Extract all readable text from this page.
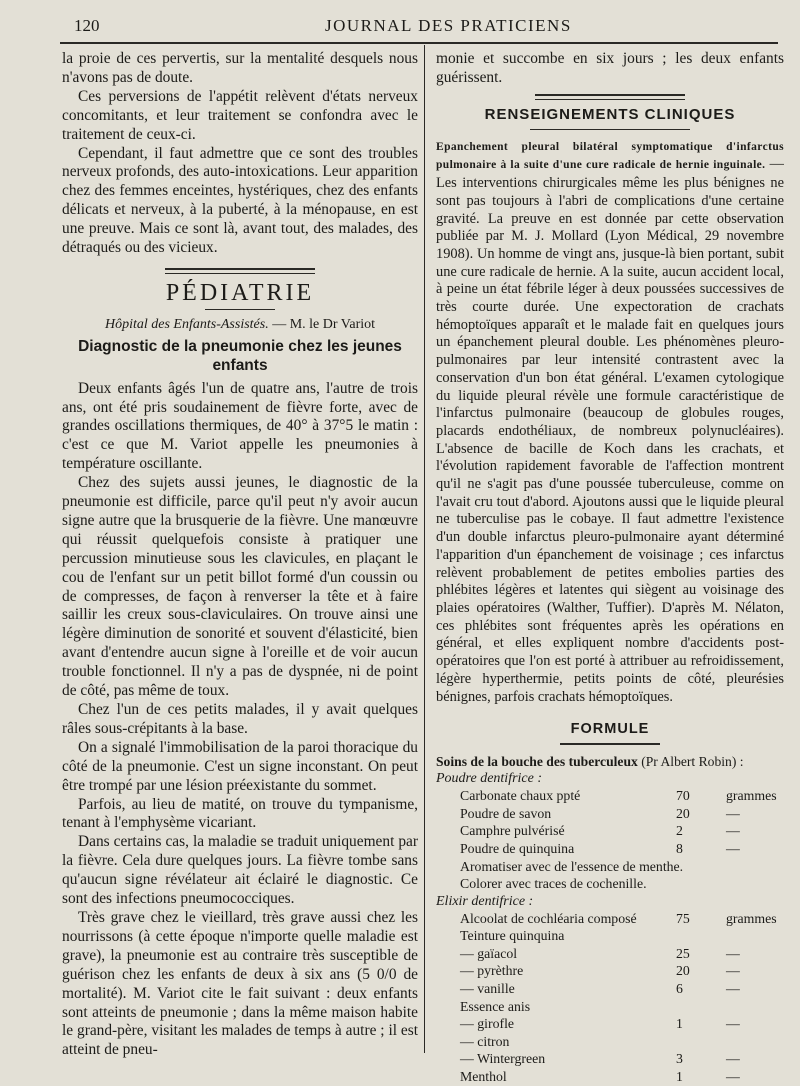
120	JOURNAL DES PRATICIENS

la proie de ces pervertis, sur la mentalité desquels nous n'avons pas de doute.

Ces perversions de l'appétit relèvent d'états nerveux concomitants, et leur traitement se confondra avec le traitement de ceux-ci.

Cependant, il faut admettre que ce sont des troubles nerveux profonds, des auto-intoxications. Leur apparition chez des femmes enceintes, hystériques, chez des enfants délicats et nerveux, à la puberté, à la ménopause, en est une preuve. Mais ce sont là, avant tout, des malades, des détraqués ou des vicieux.

PÉDIATRIE
Hôpital des Enfants-Assistés. — M. le Dr Variot
Diagnostic de la pneumonie chez les jeunes enfants

Deux enfants âgés l'un de quatre ans, l'autre de trois ans, ont été pris soudainement de fièvre forte, avec de grandes oscillations thermiques, de 40° à 37°5 le matin : c'est ce que M. Variot appelle les pneumonies à température oscillante.

Chez des sujets aussi jeunes, le diagnostic de la pneumonie est difficile, parce qu'il peut n'y avoir aucun signe autre que la brusquerie de la fièvre. Une manœuvre qui réussit quelquefois consiste à pratiquer une percussion minutieuse sous les clavicules, en plaçant le cou de l'enfant sur un petit billot formé d'un coussin ou de compresses, de façon à renverser la tête et à faire saillir les creux sous-claviculaires. On trouve ainsi une légère diminution de sonorité et souvent d'élasticité, bien avant d'entendre aucun signe à l'oreille et de voir aucun trouble fonctionnel. Il n'y a pas de dyspnée, ni de point de côté, pas même de toux.

Chez l'un de ces petits malades, il y avait quelques râles sous-crépitants à la base.

On a signalé l'immobilisation de la paroi thoracique du côté de la pneumonie. C'est un signe inconstant. On peut être trompé par une lésion préexistante du sommet.

Parfois, au lieu de matité, on trouve du tympanisme, tenant à l'emphysème vicariant.

Dans certains cas, la maladie se traduit uniquement par la fièvre. Cela dure quelques jours. La fièvre tombe sans qu'aucun signe révélateur ait éclairé le diagnostic. Ce sont des infections pneumococciques.

Très grave chez le vieillard, très grave aussi chez les nourrissons (à cette époque n'importe quelle maladie est grave), la pneumonie est au contraire très susceptible de guérison chez les enfants de deux à six ans (5 0/0 de mortalité). M. Variot cite le fait suivant : deux enfants sont atteints de pneumonie ; dans la même maison habite le grand-père, visitant les malades de temps à autre ; il est atteint de pneu-

monie et succombe en six jours ; les deux enfants guérissent.

RENSEIGNEMENTS CLINIQUES
Epanchement pleural bilatéral symptomatique d'infarctus pulmonaire à la suite d'une cure radicale de hernie inguinale. — Les interventions chirurgicales même les plus bénignes ne sont pas toujours à l'abri de complications d'une certaine gravité. La preuve en est donnée par cette observation publiée par M. J. Mollard (Lyon Médical, 29 novembre 1908). Un homme de vingt ans, jusque-là bien portant, subit une cure radicale de hernie. A la suite, aucun accident local, à peine un état fébrile léger à deux poussées successives de très courte durée. Une expectoration de crachats hémoptoïques apparaît et le malade fait en quelques jours un épanchement pleural double. Les phénomènes pleuro-pulmonaires par leur intensité contrastent avec la conservation d'un bon état général. L'examen cytologique du liquide pleural révèle une formule caractéristique de l'infarctus pulmonaire (beaucoup de globules rouges, placards endothéliaux, de nombreux polynucléaires). L'absence de bacille de Koch dans les crachats, et l'évolution rapidement favorable de l'affection montrent qu'il ne s'agit pas d'une poussée tuberculeuse, comme on l'avait cru tout d'abord. Ajoutons aussi que le liquide pleural ne tuberculise pas le cobaye. Il faut admettre l'existence d'un double infarctus pleuro-pulmonaire ayant déterminé l'apparition d'un épanchement de voisinage ; ces infarctus relèvent probablement de petites embolies parties des phlébites légères et latentes qui siègent au voisinage des plaies opératoires (Walther, Tuffier). D'après M. Nélaton, ces phlébites sont fréquentes après les opérations en général, et elles expliquent nombre d'accidents post-opératoires que l'on est porté à attribuer au refroidissement, légère hyperthermie, petits points de côté, pleurésies bénignes, parfois crachats hémoptoïques.
FORMULE
Soins de la bouche des tuberculeux (Pr Albert Robin) :
Poudre dentifrice :
Carbonate chaux ppté	70	grammes
Poudre de savon	20	—
Camphre pulvérisé	2	—
Poudre de quinquina	8	—
Aromatiser avec de l'essence de menthe.
Colorer avec traces de cochenille.
Elixir dentifrice :
Alcoolat de cochléaria composé	75	grammes
Teinture quinquina
— gaïacol	25	—
— pyrèthre	20	—
— vanille	6	—
Essence anis
— girofle	1	—
— citron
— Wintergreen	3	—
Menthol	1	—
